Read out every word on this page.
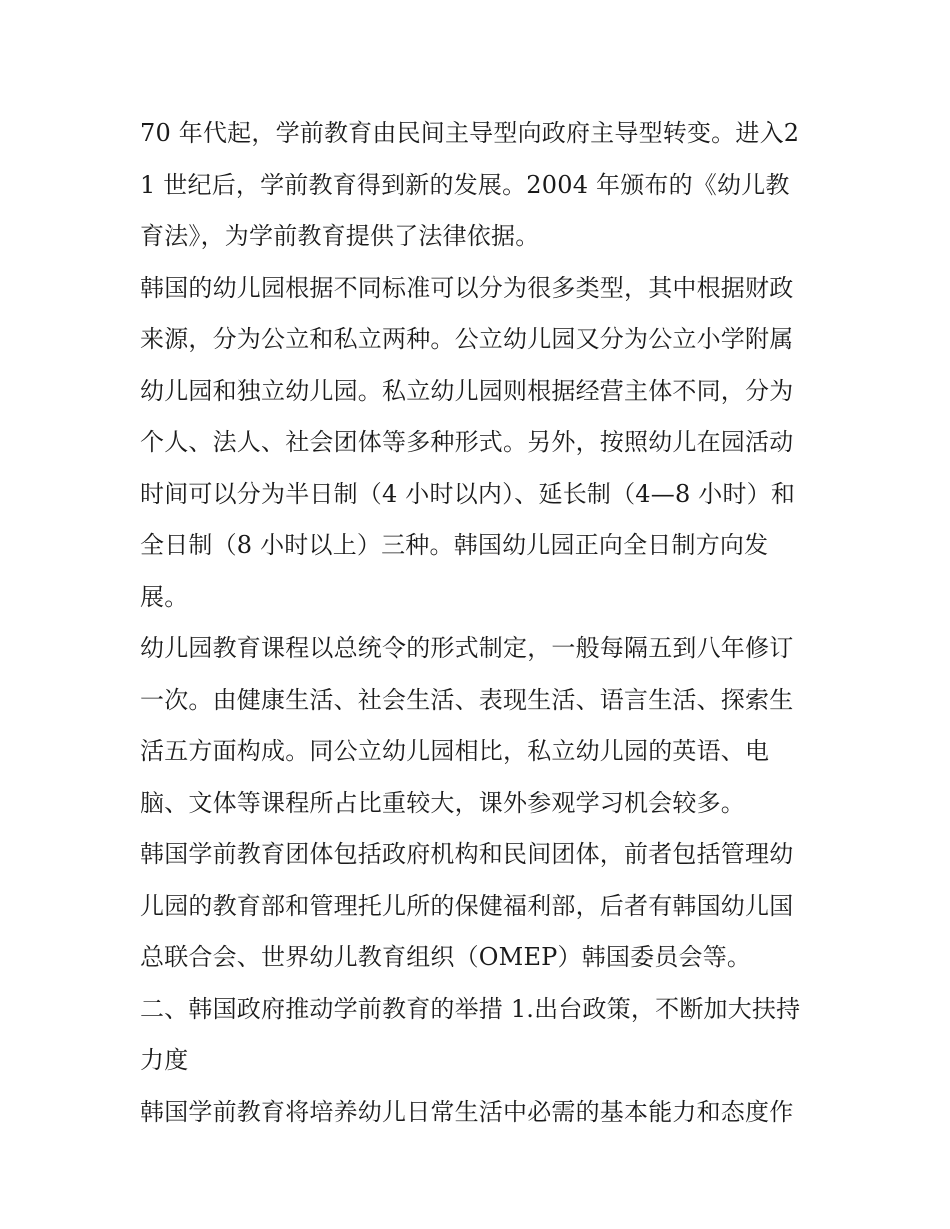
70 年代起，学前教育由民间主导型向政府主导型转变。进入21 世纪后，学前教育得到新的发展。2004 年颁布的《幼儿教育法》，为学前教育提供了法律依据。

韩国的幼儿园根据不同标准可以分为很多类型，其中根据财政来源，分为公立和私立两种。公立幼儿园又分为公立小学附属幼儿园和独立幼儿园。私立幼儿园则根据经营主体不同，分为个人、法人、社会团体等多种形式。另外，按照幼儿在园活动时间可以分为半日制（4 小时以内）、延长制（4—8 小时）和全日制（8 小时以上）三种。韩国幼儿园正向全日制方向发展。

幼儿园教育课程以总统令的形式制定，一般每隔五到八年修订一次。由健康生活、社会生活、表现生活、语言生活、探索生活五方面构成。同公立幼儿园相比，私立幼儿园的英语、电脑、文体等课程所占比重较大，课外参观学习机会较多。

韩国学前教育团体包括政府机构和民间团体，前者包括管理幼儿园的教育部和管理托儿所的保健福利部，后者有韩国幼儿国总联合会、世界幼儿教育组织（OMEP）韩国委员会等。

二、韩国政府推动学前教育的举措 1.出台政策，不断加大扶持力度

韩国学前教育将培养幼儿日常生活中必需的基本能力和态度作
